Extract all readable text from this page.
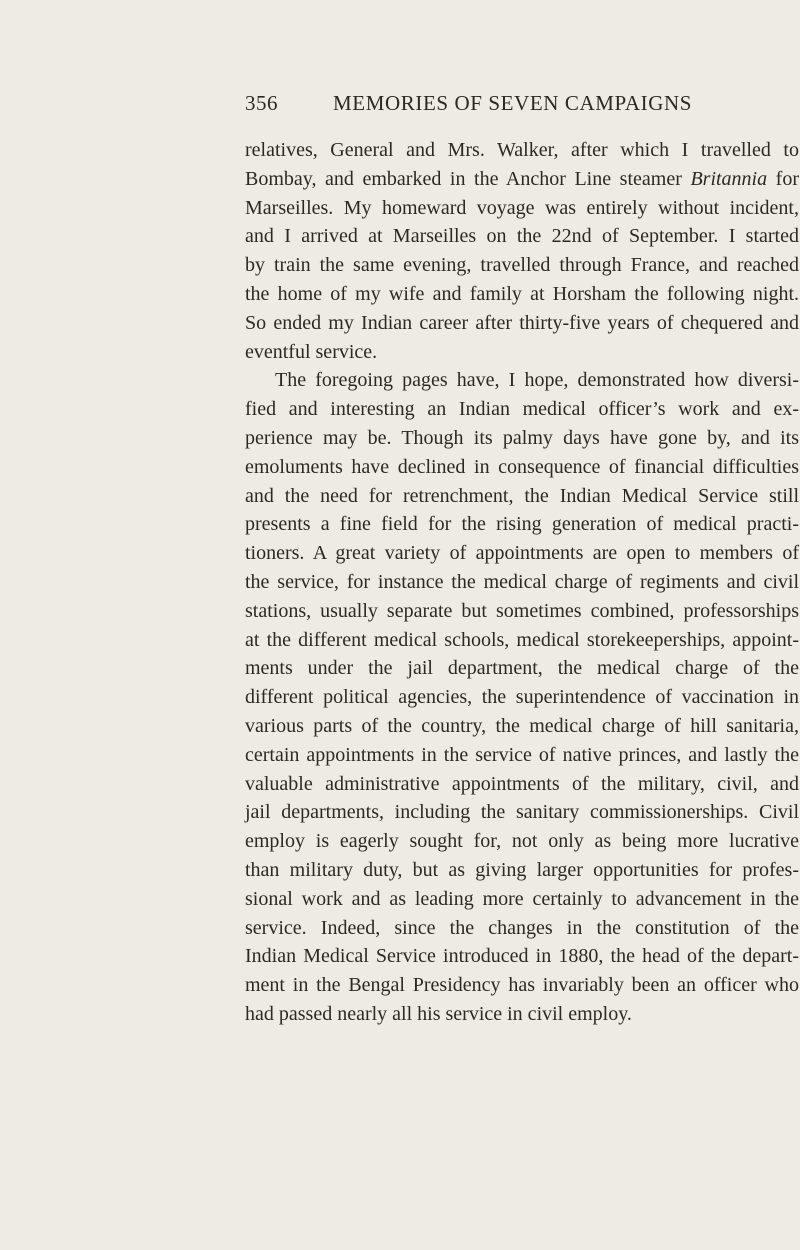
356	MEMORIES OF SEVEN CAMPAIGNS
relatives, General and Mrs. Walker, after which I travelled to
Bombay, and embarked in the Anchor Line steamer Britannia for
Marseilles. My homeward voyage was entirely without incident,
and I arrived at Marseilles on the 22nd of September. I started
by train the same evening, travelled through France, and reached
the home of my wife and family at Horsham the following night.
So ended my Indian career after thirty-five years of chequered and
eventful service.
The foregoing pages have, I hope, demonstrated how diversi-
fied and interesting an Indian medical officer’s work and ex-
perience may be. Though its palmy days have gone by, and its
emoluments have declined in consequence of financial difficulties
and the need for retrenchment, the Indian Medical Service still
presents a fine field for the rising generation of medical practi-
tioners. A great variety of appointments are open to members of
the service, for instance the medical charge of regiments and civil
stations, usually separate but sometimes combined, professorships
at the different medical schools, medical storekeeperships, appoint-
ments under the jail department, the medical charge of the
different political agencies, the superintendence of vaccination in
various parts of the country, the medical charge of hill sanitaria,
certain appointments in the service of native princes, and lastly the
valuable administrative appointments of the military, civil, and
jail departments, including the sanitary commissionerships. Civil
employ is eagerly sought for, not only as being more lucrative
than military duty, but as giving larger opportunities for profes-
sional work and as leading more certainly to advancement in the
service. Indeed, since the changes in the constitution of the
Indian Medical Service introduced in 1880, the head of the depart-
ment in the Bengal Presidency has invariably been an officer who
had passed nearly all his service in civil employ.
